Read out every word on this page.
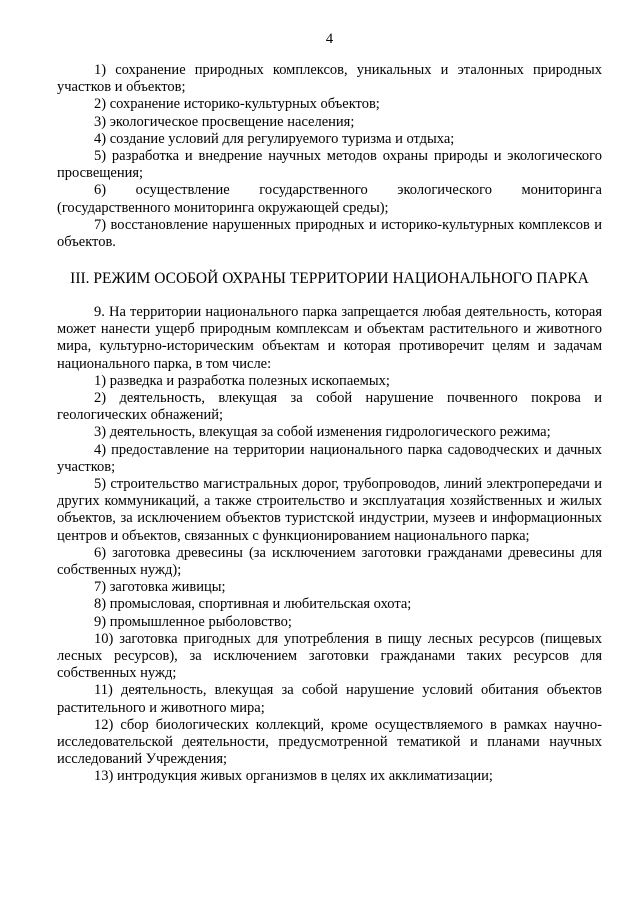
4

1) сохранение природных комплексов, уникальных и эталонных природных участков и объектов;

2) сохранение историко-культурных объектов;

3) экологическое просвещение населения;

4) создание условий для регулируемого туризма и отдыха;

5) разработка и внедрение научных методов охраны природы и экологического просвещения;

6) осуществление государственного экологического мониторинга (государственного мониторинга окружающей среды);

7) восстановление нарушенных природных и историко-культурных комплексов и объектов.

III. РЕЖИМ ОСОБОЙ ОХРАНЫ ТЕРРИТОРИИ НАЦИОНАЛЬНОГО ПАРКА

9. На территории национального парка запрещается любая деятельность, которая может нанести ущерб природным комплексам и объектам растительного и животного мира, культурно-историческим объектам и которая противоречит целям и задачам национального парка, в том числе:

1) разведка и разработка полезных ископаемых;

2) деятельность, влекущая за собой нарушение почвенного покрова и геологических обнажений;

3) деятельность, влекущая за собой изменения гидрологического режима;

4) предоставление на территории национального парка садоводческих и дачных участков;

5) строительство магистральных дорог, трубопроводов, линий электропередачи и других коммуникаций, а также строительство и эксплуатация хозяйственных и жилых объектов, за исключением объектов туристской индустрии, музеев и информационных центров и объектов, связанных с функционированием национального парка;

6) заготовка древесины (за исключением заготовки гражданами древесины для собственных нужд);

7) заготовка живицы;

8) промысловая, спортивная и любительская охота;

9) промышленное рыболовство;

10) заготовка пригодных для употребления в пищу лесных ресурсов (пищевых лесных ресурсов), за исключением заготовки гражданами таких ресурсов для собственных нужд;

11) деятельность, влекущая за собой нарушение условий обитания объектов растительного и животного мира;

12) сбор биологических коллекций, кроме осуществляемого в рамках научно-исследовательской деятельности, предусмотренной тематикой и планами научных исследований Учреждения;

13) интродукция живых организмов в целях их акклиматизации;
